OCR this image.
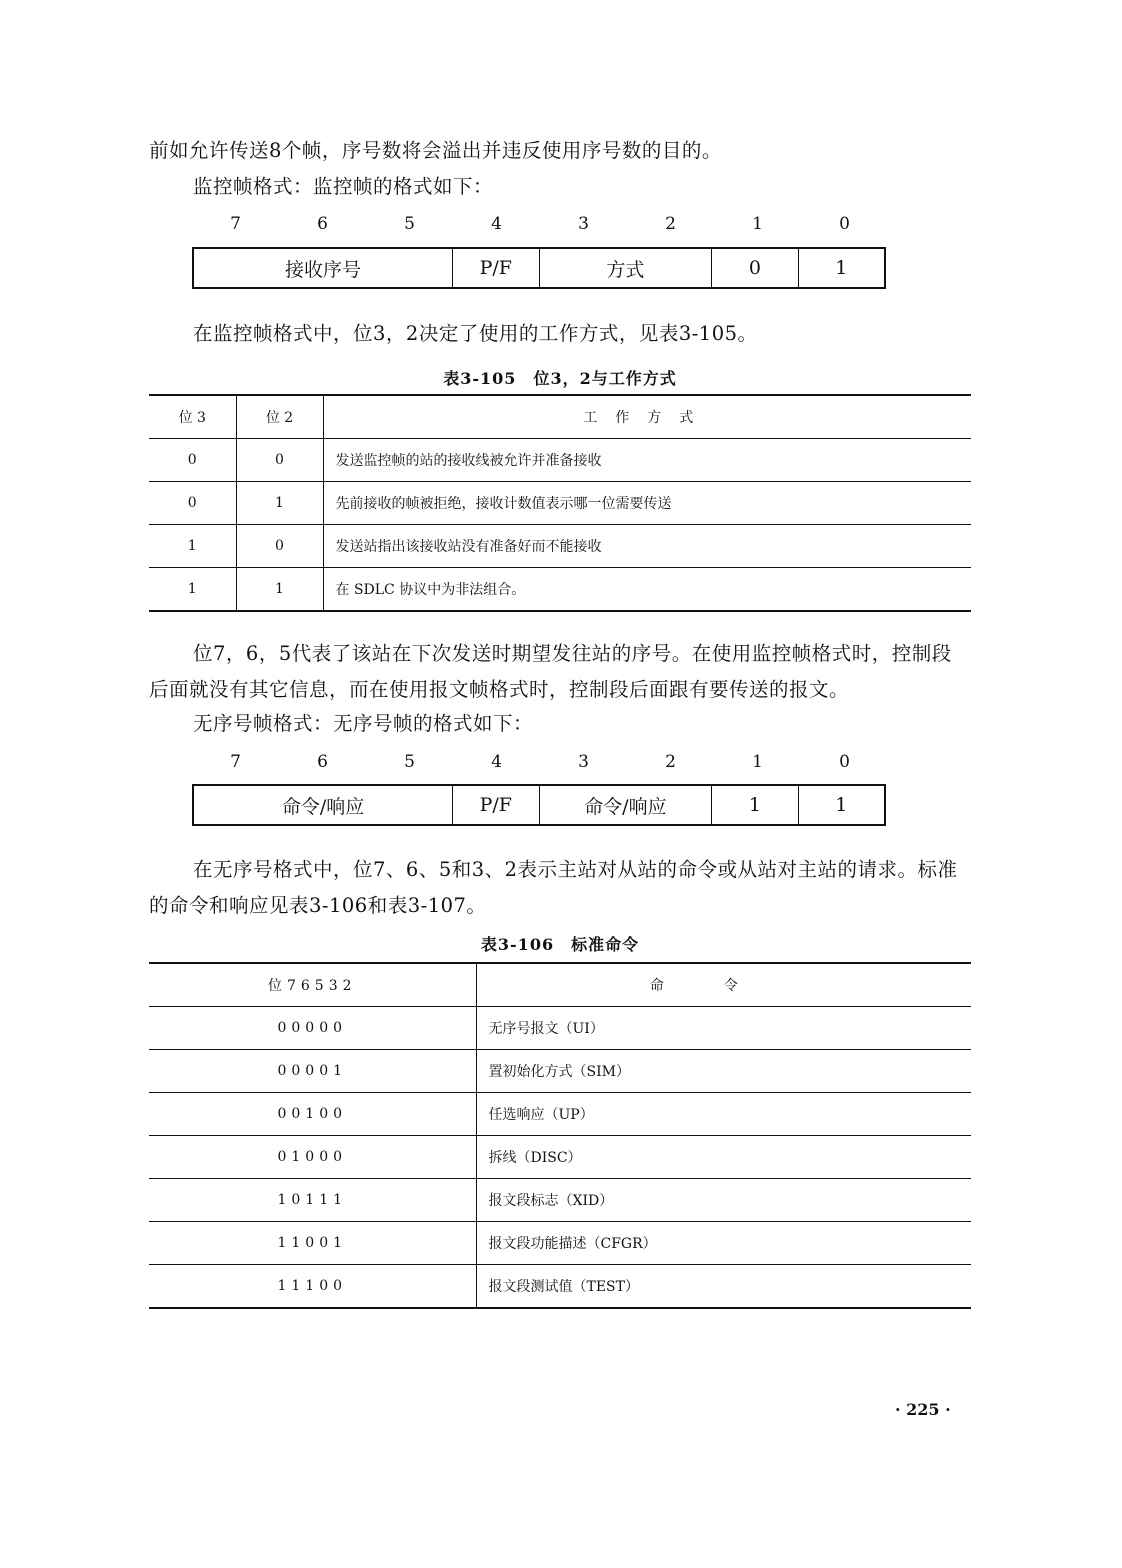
前如允许传送8个帧，序号数将会溢出并违反使用序号数的目的。

监控帧格式：监控帧的格式如下：

7	6	5	4	3	2	1	0
接收序号	P/F	方式	0	1

在监控帧格式中，位3，2决定了使用的工作方式，见表3-105。

表3-105　位3，2与工作方式
位 3	位 2	工作方式
0	0	发送监控帧的站的接收线被允许并准备接收
0	1	先前接收的帧被拒绝，接收计数值表示哪一位需要传送
1	0	发送站指出该接收站没有准备好而不能接收
1	1	在 SDLC 协议中为非法组合。

位7，6，5代表了该站在下次发送时期望发往站的序号。在使用监控帧格式时，控制段后面就没有其它信息，而在使用报文帧格式时，控制段后面跟有要传送的报文。

无序号帧格式：无序号帧的格式如下：

7	6	5	4	3	2	1	0
命令/响应	P/F	命令/响应	1	1

在无序号格式中，位7、6、5和3、2表示主站对从站的命令或从站对主站的请求。标准的命令和响应见表3-106和表3-107。

表3-106　标准命令
位76532	命令
00000	无序号报文（UI）
00001	置初始化方式（SIM）
00100	任选响应（UP）
01000	拆线（DISC）
10111	报文段标志（XID）
11001	报文段功能描述（CFGR）
11100	报文段测试值（TEST）
· 225 ·
